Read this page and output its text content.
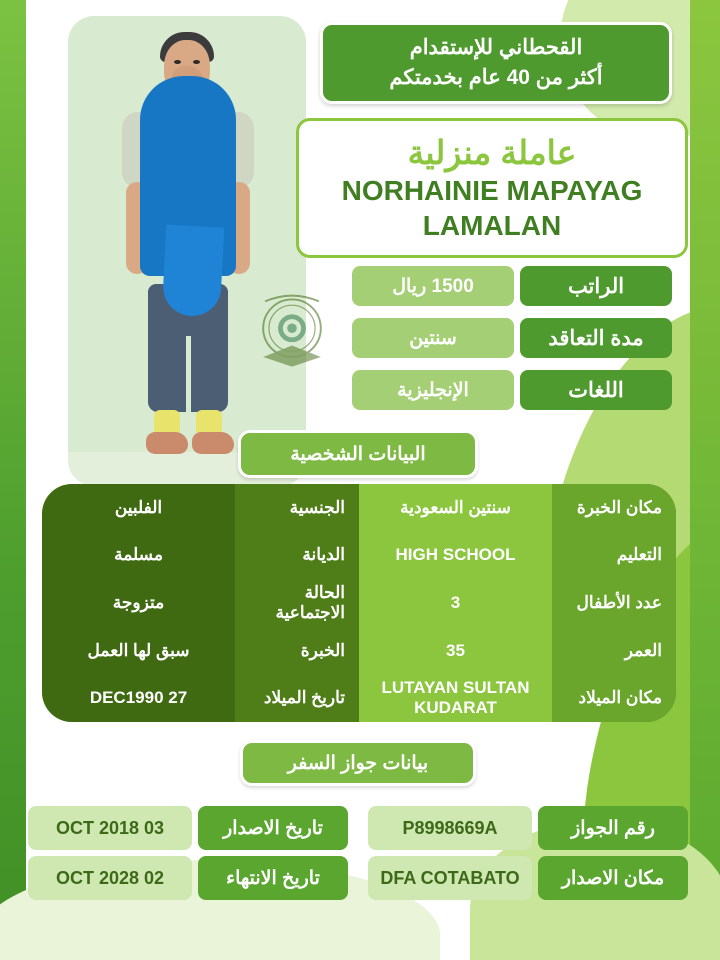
القحطاني للإستقدام
أكثر من 40 عام بخدمتكم
عاملة منزلية
NORHAINIE MAPAYAG
LAMALAN
الراتب
1500 ريال
مدة التعاقد
سنتين
اللغات
الإنجليزية
البيانات الشخصية
مكان الخبرة
سنتين السعودية
التعليم
HIGH SCHOOL
عدد الأطفال
3
العمر
35
مكان الميلاد
LUTAYAN SULTAN KUDARAT
الجنسية
الفلبين
الديانة
مسلمة
الحالة الاجتماعية
متزوجة
الخبرة
سبق لها العمل
تاريخ الميلاد
27 DEC1990
بيانات جواز السفر
رقم الجواز
P8998669A
مكان الاصدار
DFA COTABATO
تاريخ الاصدار
03 OCT 2018
تاريخ الانتهاء
02 OCT 2028
